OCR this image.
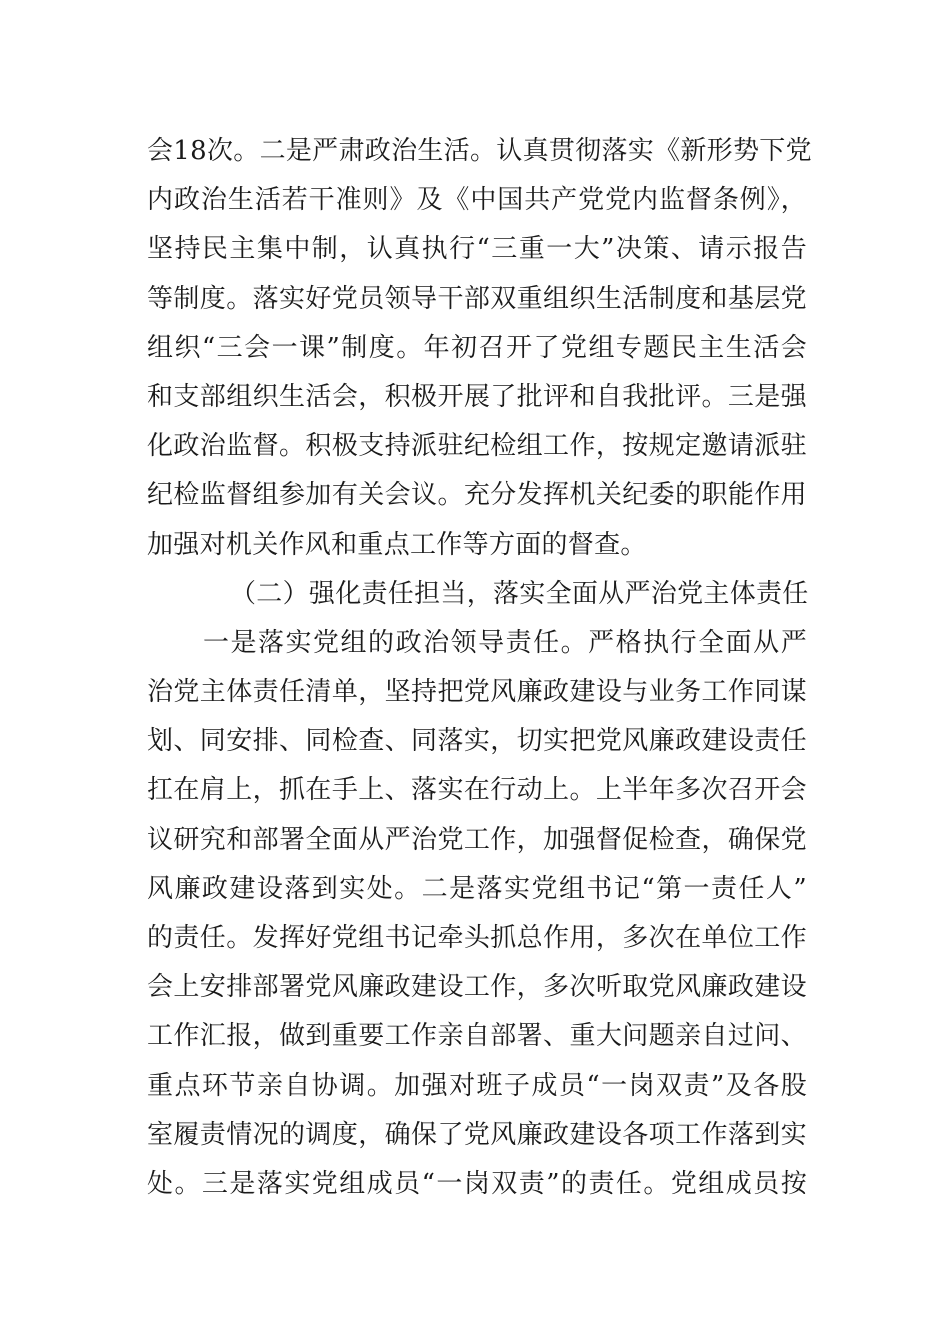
会18次。二是严肃政治生活。认真贯彻落实《新形势下党
内政治生活若干准则》及《中国共产党党内监督条例》，
坚持民主集中制，认真执行“三重一大”决策、请示报告
等制度。落实好党员领导干部双重组织生活制度和基层党
组织“三会一课”制度。年初召开了党组专题民主生活会
和支部组织生活会，积极开展了批评和自我批评。三是强
化政治监督。积极支持派驻纪检组工作，按规定邀请派驻
纪检监督组参加有关会议。充分发挥机关纪委的职能作用
加强对机关作风和重点工作等方面的督查。
（二）强化责任担当，落实全面从严治党主体责任
一是落实党组的政治领导责任。严格执行全面从严
治党主体责任清单，坚持把党风廉政建设与业务工作同谋
划、同安排、同检查、同落实，切实把党风廉政建设责任
扛在肩上，抓在手上、落实在行动上。上半年多次召开会
议研究和部署全面从严治党工作，加强督促检查，确保党
风廉政建设落到实处。二是落实党组书记“第一责任人”
的责任。发挥好党组书记牵头抓总作用，多次在单位工作
会上安排部署党风廉政建设工作，多次听取党风廉政建设
工作汇报，做到重要工作亲自部署、重大问题亲自过问、
重点环节亲自协调。加强对班子成员“一岗双责”及各股
室履责情况的调度，确保了党风廉政建设各项工作落到实
处。三是落实党组成员“一岗双责”的责任。党组成员按
